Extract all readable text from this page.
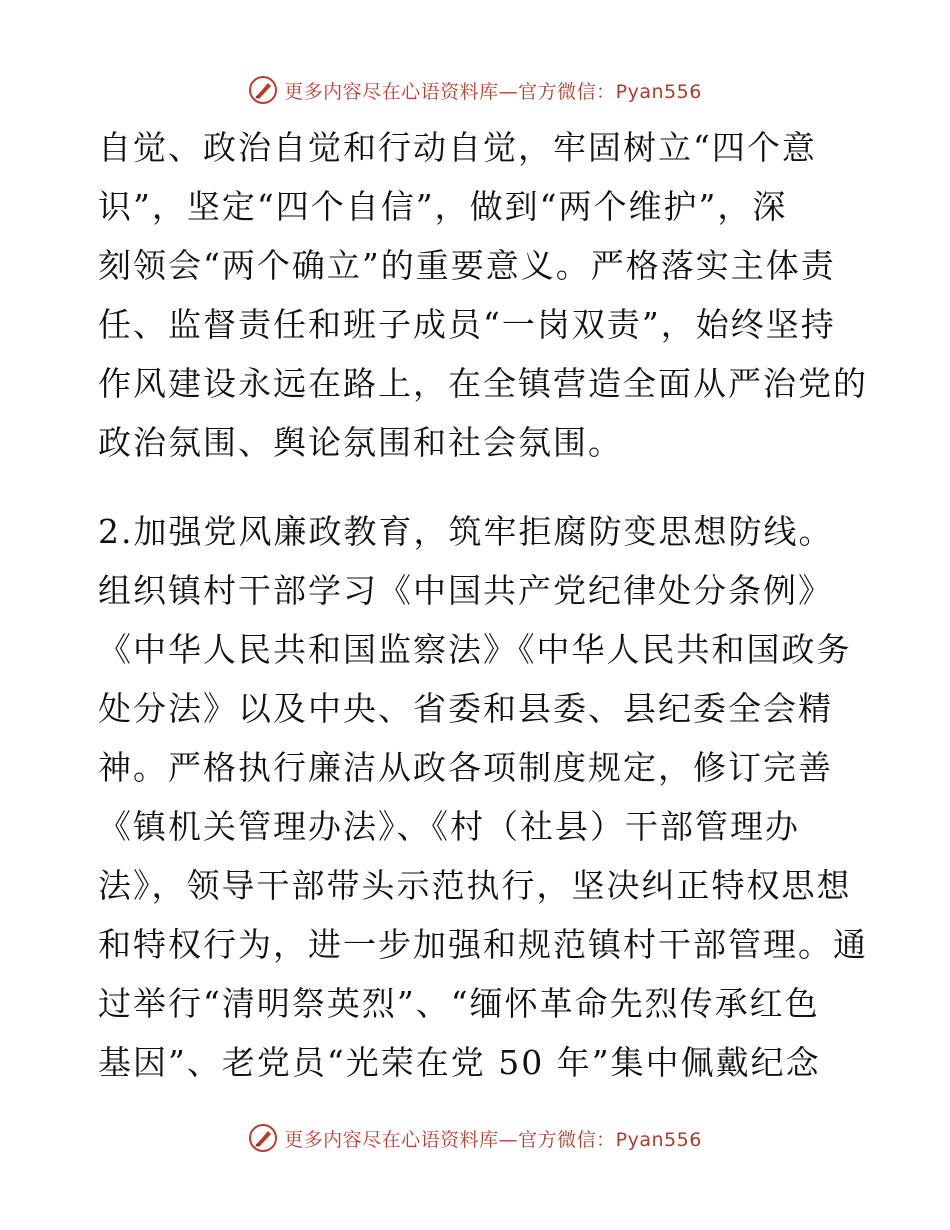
更多内容尽在心语资料库—官方微信：Pyan556
自觉、政治自觉和行动自觉，牢固树立“四个意
识”，坚定“四个自信”，做到“两个维护”，深
刻领会“两个确立”的重要意义。严格落实主体责
任、监督责任和班子成员“一岗双责”，始终坚持
作风建设永远在路上，在全镇营造全面从严治党的
政治氛围、舆论氛围和社会氛围。
2.加强党风廉政教育，筑牢拒腐防变思想防线。
组织镇村干部学习《中国共产党纪律处分条例》
《中华人民共和国监察法》《中华人民共和国政务
处分法》以及中央、省委和县委、县纪委全会精
神。严格执行廉洁从政各项制度规定，修订完善
《镇机关管理办法》、《村（社县）干部管理办
法》，领导干部带头示范执行，坚决纠正特权思想
和特权行为，进一步加强和规范镇村干部管理。通
过举行“清明祭英烈”、“缅怀革命先烈传承红色
基因”、老党员“光荣在党 50 年”集中佩戴纪念
更多内容尽在心语资料库—官方微信：Pyan556
